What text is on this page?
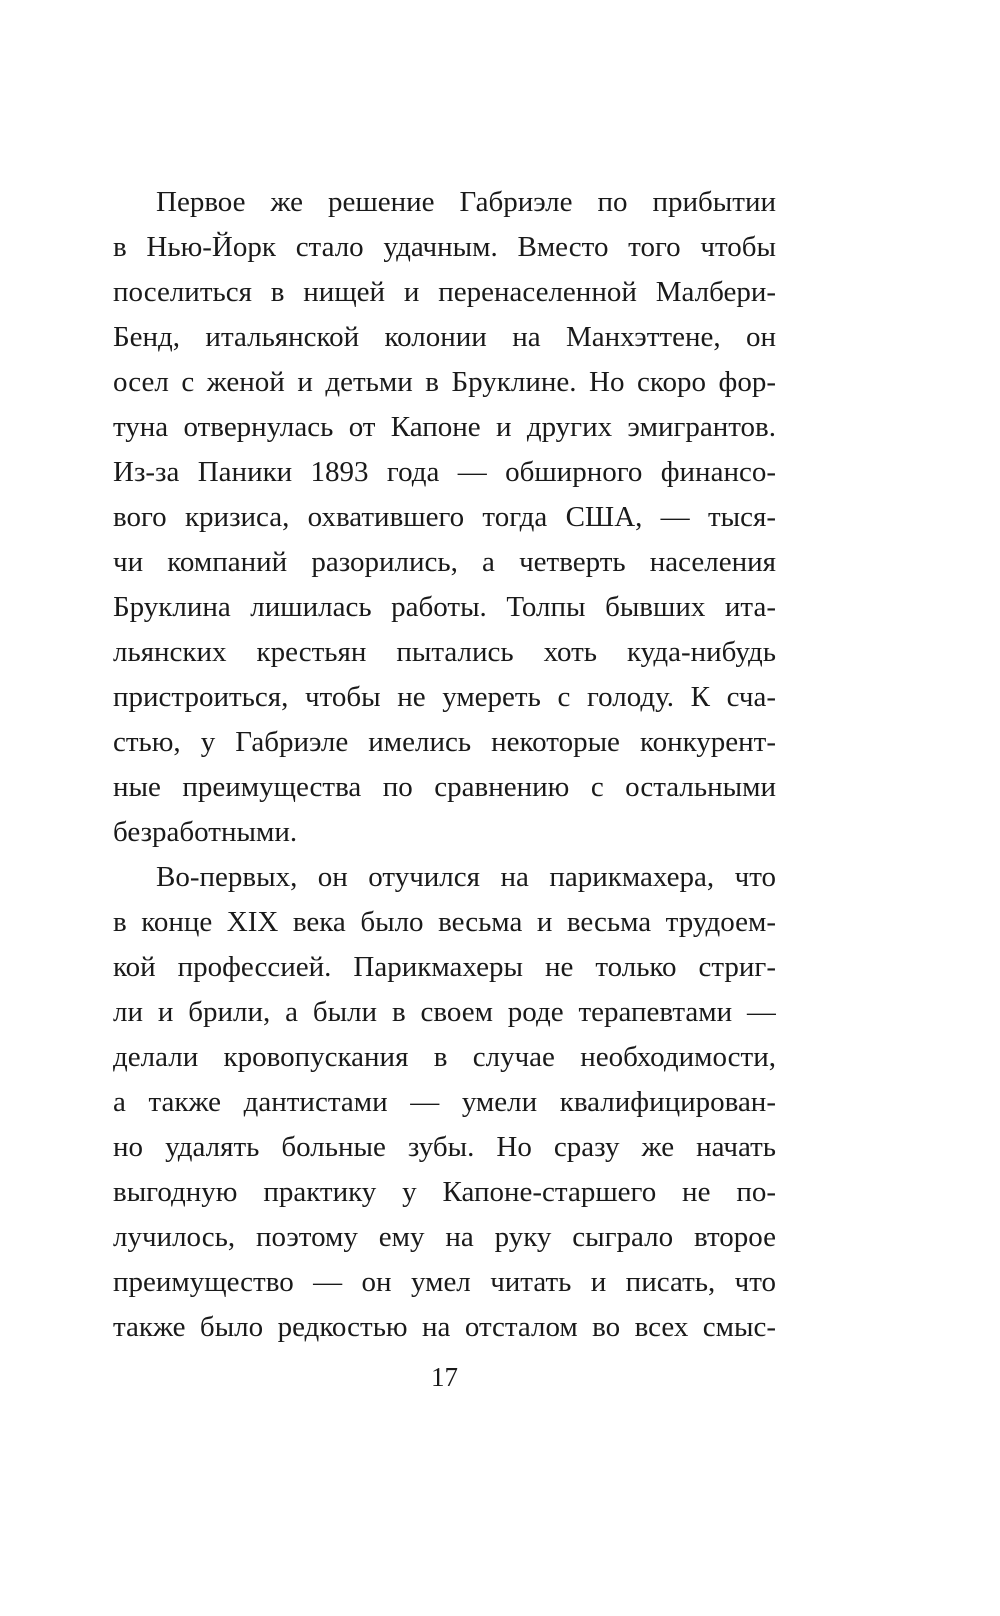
Первое же решение Габриэле по прибытии
в Нью-Йорк стало удачным. Вместо того чтобы
поселиться в нищей и перенаселенной Малбери-
Бенд, итальянской колонии на Манхэттене, он
осел с женой и детьми в Бруклине. Но скоро фор-
туна отвернулась от Капоне и других эмигрантов.
Из-за Паники 1893 года — обширного финансо-
вого кризиса, охватившего тогда США, — тыся-
чи компаний разорились, а четверть населения
Бруклина лишилась работы. Толпы бывших ита-
льянских крестьян пытались хоть куда-нибудь
пристроиться, чтобы не умереть с голоду. К сча-
стью, у Габриэле имелись некоторые конкурент-
ные преимущества по сравнению с остальными
безработными.
Во-первых, он отучился на парикмахера, что
в конце XIX века было весьма и весьма трудоем-
кой профессией. Парикмахеры не только стриг-
ли и брили, а были в своем роде терапевтами —
делали кровопускания в случае необходимости,
а также дантистами — умели квалифицирован-
но удалять больные зубы. Но сразу же начать
выгодную практику у Капоне-старшего не по-
лучилось, поэтому ему на руку сыграло второе
преимущество — он умел читать и писать, что
также было редкостью на отсталом во всех смыс-
17
